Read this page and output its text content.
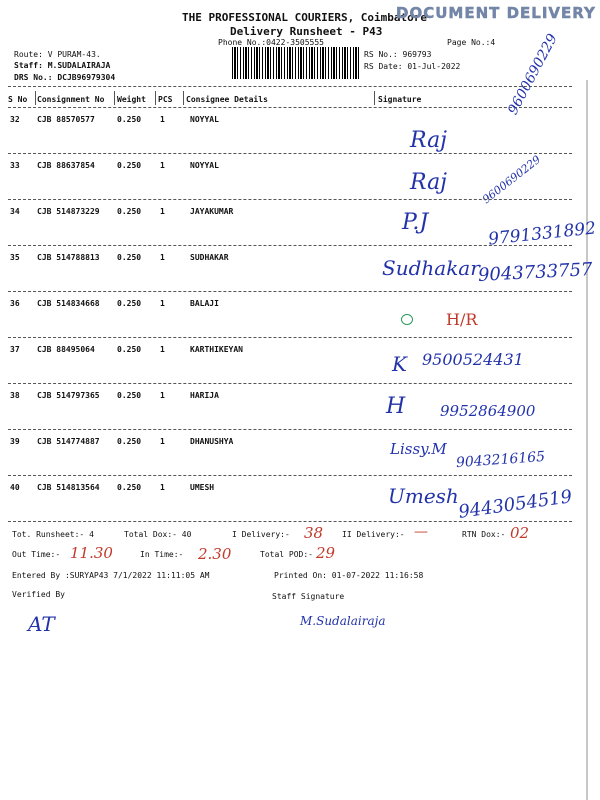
THE PROFESSIONAL COURIERS, Coimbatore
DOCUMENT DELIVERY
Delivery Runsheet - P43
Phone No.:0422-3505555	Page No.:4
Route: V PURAM-43.
Staff: M.SUDALAIRAJA
DRS No.: DCJB96979304
RS No.: 969793
RS Date: 01-Jul-2022
S No Consignment No Weight PCS Consignee Details	Signature
32 CJB 88570577	0.250 1	NOYYAL
Raj
9600690229
33 CJB 88637854	0.250 1	NOYYAL
Raj	9600690229
34 CJB 514873229 0.250 1	JAYAKUMAR	P.J	9791331892
35 CJB 514788813 0.250 1	SUDHAKAR	Sudhakar
9043733757
36 CJB 514834668 0.250 1	BALAJI
H/R
37 CJB 88495064	0.250 1	KARTHIKEYAN
K 9500524431
38 CJB 514797365 0.250 1	HARIJA	H 9952864900
39 CJB 514774887 0.250 1	DHANUSHYA	Lissy.M 9043216165
40 CJB 514813564 0.250 1	UMESH	Umesh
9443054519
Tot. Runsheet:- 4	Total Dox:- 40	I Delivery:- 38 II Delivery:- —	RTN Dox:- 02
Out Time:- 11.30	In Time:- 2.30	Total POD:- 29
Entered By :SURYAP43 7/1/2022 11:11:05 AM	Printed On: 01-07-2022 11:16:58
Verified By	Staff Signature
AT	M.Sudalairaja
